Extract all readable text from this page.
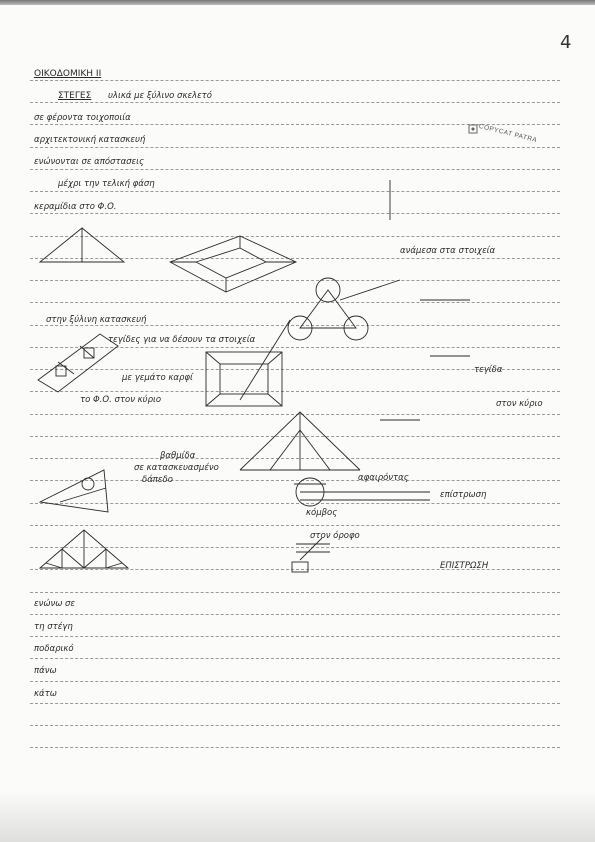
4
ΟΙΚΟΔΟΜΙΚΗ ΙΙ
ΣΤΕΓΕΣ υλικά με ξύλινο σκελετό
σε φέροντα τοιχοποιία
αρχιτεκτονική κατασκευή
ενώνονται σε απόστασεις
μέχρι την τελική φάση
κεραμίδια στο Φ.Ο.
ανάμεσα στα στοιχεία
στην ξύλινη κατασκευή
τεγίδες για να δέσουν τα στοιχεία
με γεμάτο καρφί
τεγίδα
το Φ.Ο. στον κύριο	στον κύριο
βαθμίδα
σε κατασκευασμένο
δάπεδο	αφαιρόντας
επίστρωση
κόμβος
στον όροφο
ενώνω σε
τη στέγη
ποδαρικό
πάνω
κάτω
ΕΠΙΣΤΡΩΣΗ
COPYCAT PATRA
